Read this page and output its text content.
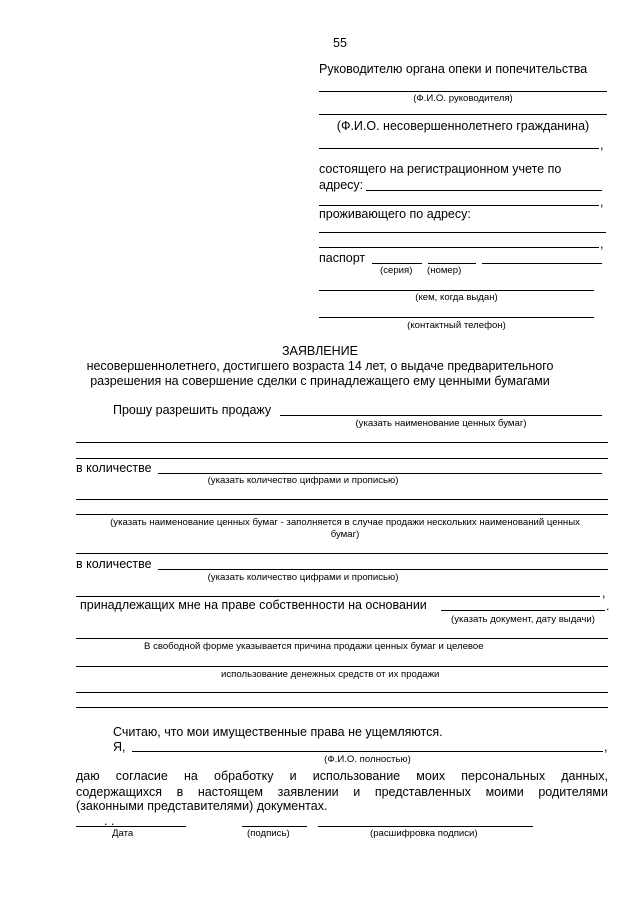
55
Руководителю органа опеки и попечительства
(Ф.И.О. руководителя)
(Ф.И.О. несовершеннолетнего гражданина)
,
состоящего на регистрационном учете по
адресу:
,
проживающего по адресу:
,
паспорт
(серия) (номер)
(кем, когда выдан)
(контактный телефон)
ЗАЯВЛЕНИЕ
несовершеннолетнего, достигшего возраста 14 лет, о выдаче предварительного
разрешения на совершение сделки с принадлежащего ему ценными бумагами
Прошу разрешить продажу
(указать наименование ценных бумаг)
в количестве
(указать количество цифрами и прописью)
(указать наименование ценных бумаг - заполняется в случае продажи нескольких наименований ценных
бумаг)
в количестве
(указать количество цифрами и прописью)
,
принадлежащих мне на праве собственности на основании	.
(указать документ, дату выдачи)
В свободной форме указывается причина продажи ценных бумаг и целевое
использование денежных средств от их продажи
Считаю, что мои имущественные права не ущемляются.
Я,	,
(Ф.И.О. полностью)
даю согласие на обработку и использование моих персональных данных,
содержащихся в настоящем заявлении и представленных моими родителями
(законными представителями) документах.
. .
Дата	(подпись)	(расшифровка подписи)
